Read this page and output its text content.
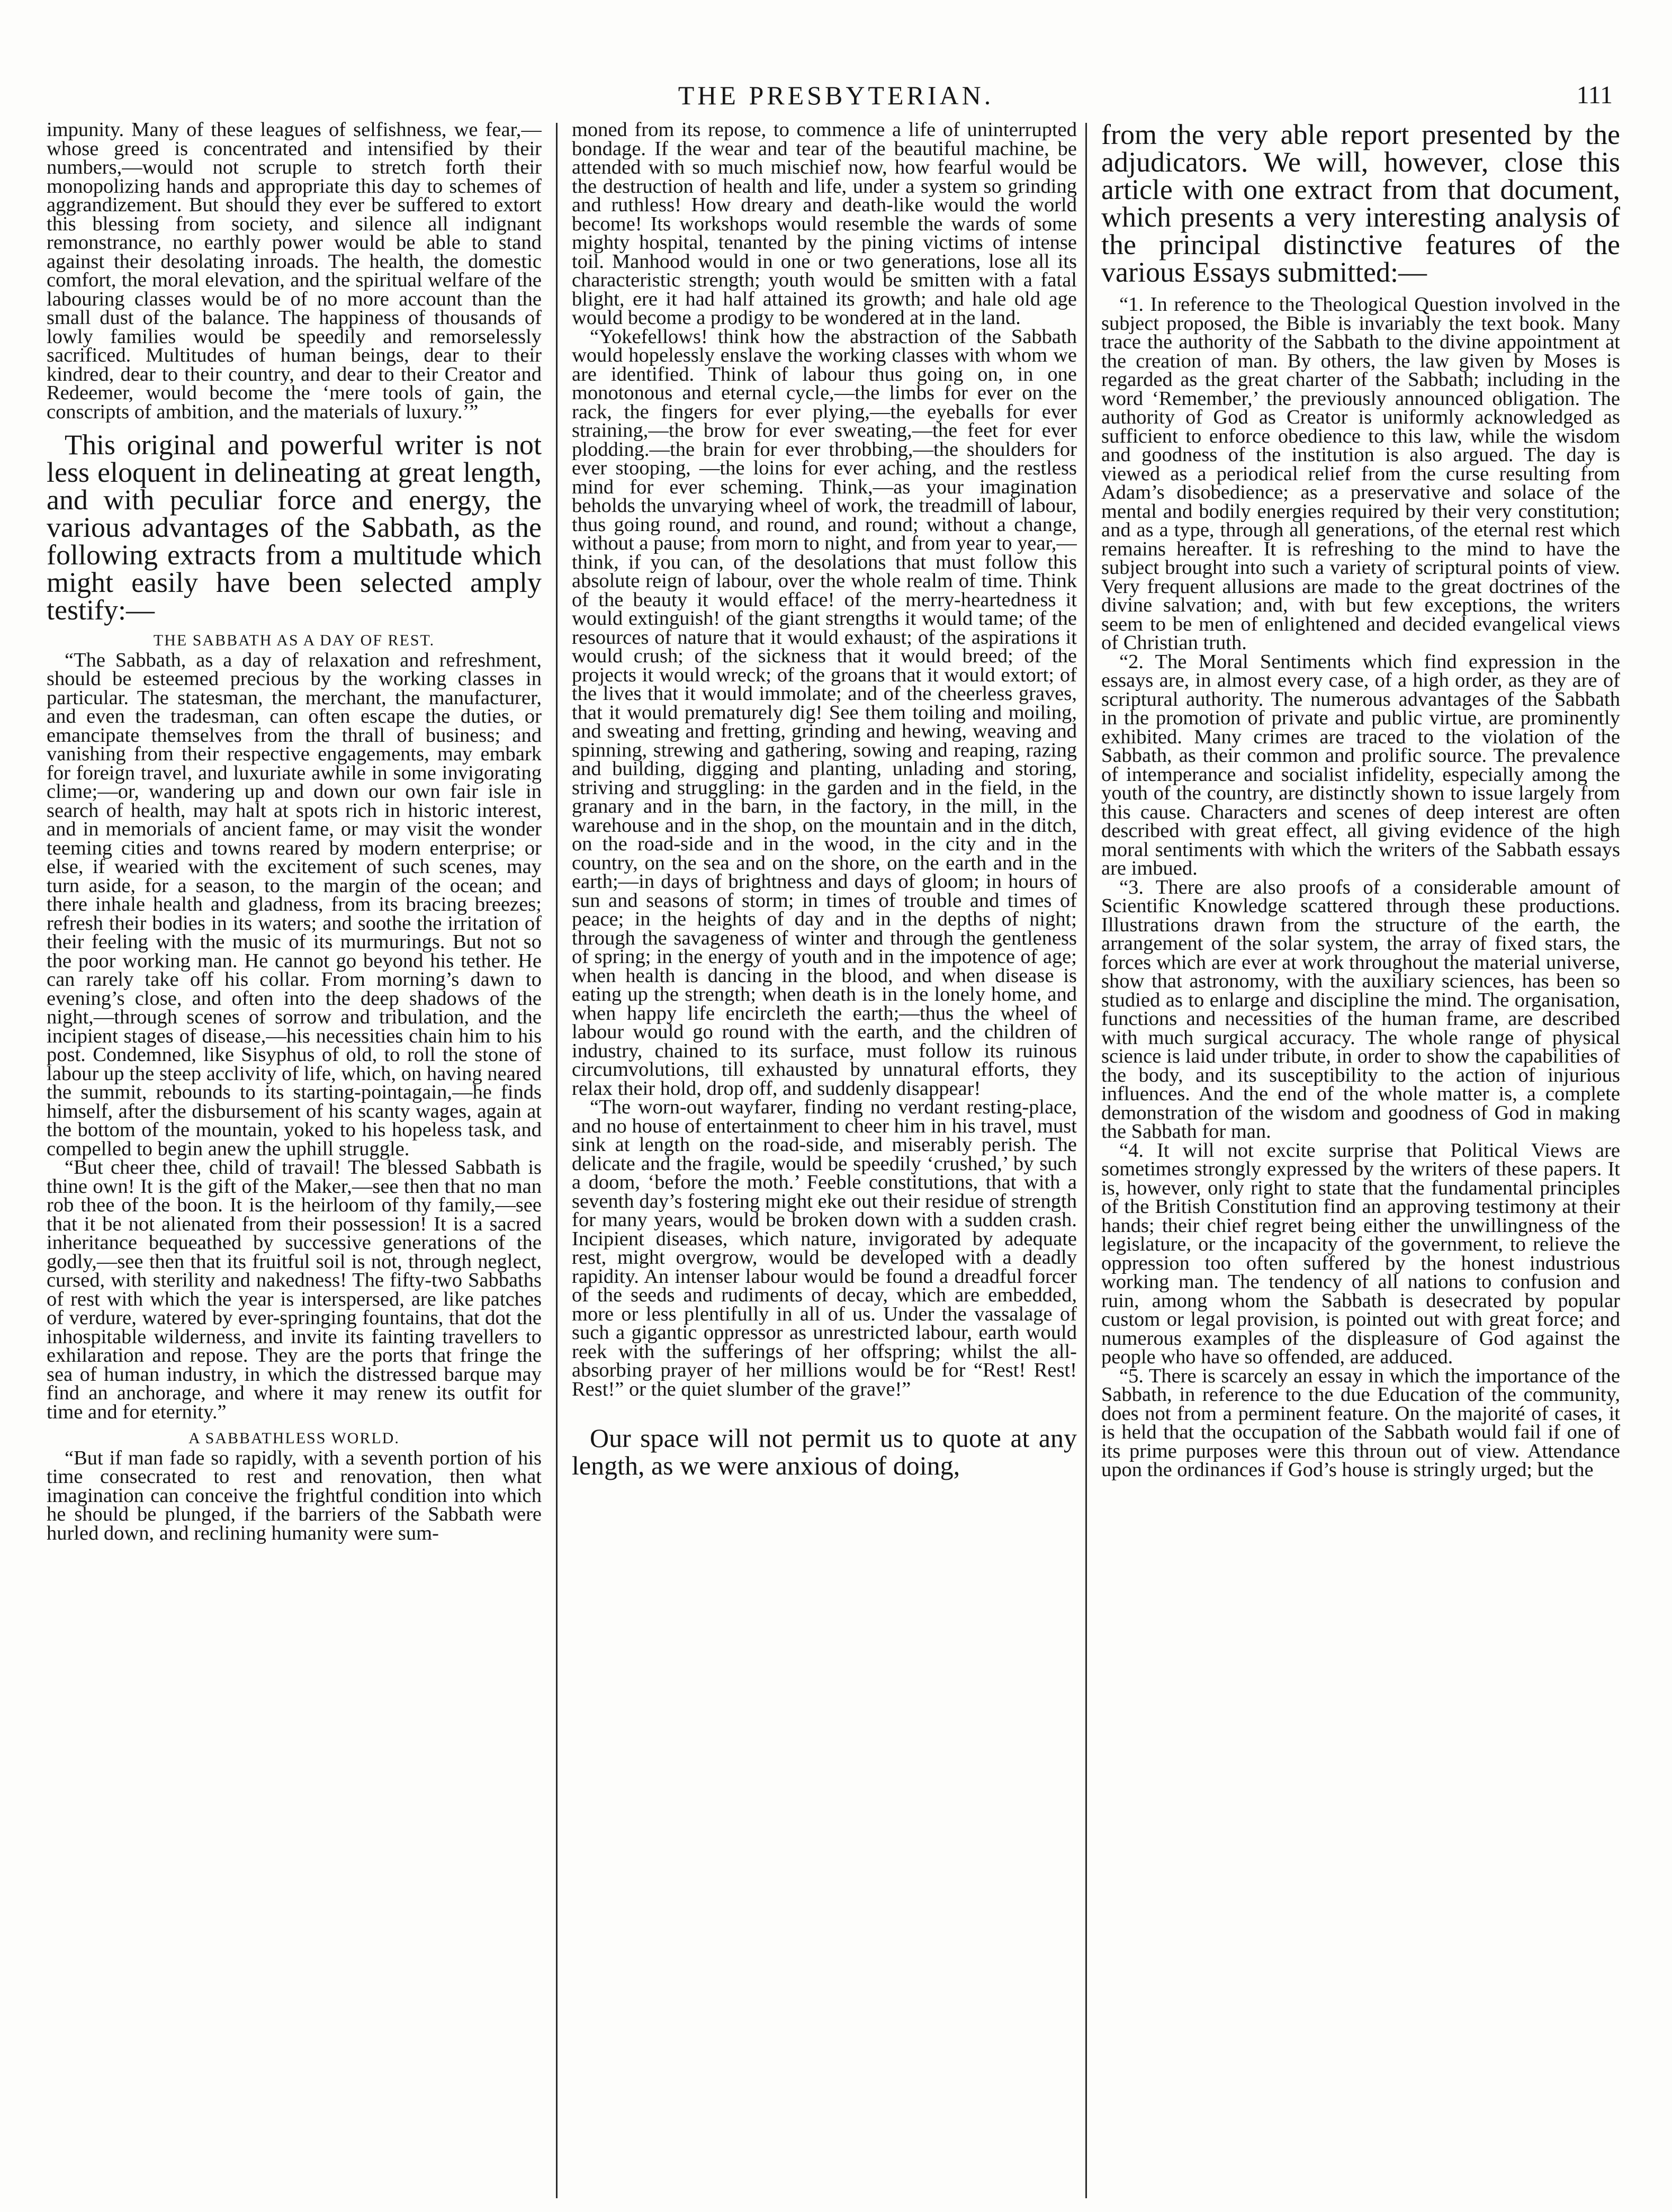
THE PRESBYTERIAN.	111

impunity. Many of these leagues of selfishness, we fear,—whose greed is concentrated and intensified by their numbers,—would not scruple to stretch forth their monopolizing hands and appropriate this day to schemes of aggrandizement. But should they ever be suffered to extort this blessing from society, and silence all indignant remonstrance, no earthly power would be able to stand against their desolating inroads. The health, the domestic comfort, the moral elevation, and the spiritual welfare of the labouring classes would be of no more account than the small dust of the balance. The happiness of thousands of lowly families would be speedily and remorselessly sacrificed. Multitudes of human beings, dear to their kindred, dear to their country, and dear to their Creator and Redeemer, would become the ‘mere tools of gain, the conscripts of ambition, and the materials of luxury.’”

This original and powerful writer is not less eloquent in delineating at great length, and with peculiar force and energy, the various advantages of the Sabbath, as the following extracts from a multitude which might easily have been selected amply testify:—

THE SABBATH AS A DAY OF REST.

“The Sabbath, as a day of relaxation and refreshment, should be esteemed precious by the working classes in particular. The statesman, the merchant, the manufacturer, and even the tradesman, can often escape the duties, or emancipate themselves from the thrall of business; and vanishing from their respective engagements, may embark for foreign travel, and luxuriate awhile in some invigorating clime;—or, wandering up and down our own fair isle in search of health, may halt at spots rich in historic interest, and in memorials of ancient fame, or may visit the wonder teeming cities and towns reared by modern enterprise; or else, if wearied with the excitement of such scenes, may turn aside, for a season, to the margin of the ocean; and there inhale health and gladness, from its bracing breezes; refresh their bodies in its waters; and soothe the irritation of their feeling with the music of its murmurings. But not so the poor working man. He cannot go beyond his tether. He can rarely take off his collar. From morning’s dawn to evening’s close, and often into the deep shadows of the night,—through scenes of sorrow and tribulation, and the incipient stages of disease,—his necessities chain him to his post. Condemned, like Sisyphus of old, to roll the stone of labour up the steep acclivity of life, which, on having neared the summit, rebounds to its starting-pointagain,—he finds himself, after the disbursement of his scanty wages, again at the bottom of the mountain, yoked to his hopeless task, and compelled to begin anew the uphill struggle.

“But cheer thee, child of travail! The blessed Sabbath is thine own! It is the gift of the Maker,—see then that no man rob thee of the boon. It is the heirloom of thy family,—see that it be not alienated from their possession! It is a sacred inheritance bequeathed by successive generations of the godly,—see then that its fruitful soil is not, through neglect, cursed, with sterility and nakedness! The fifty-two Sabbaths of rest with which the year is interspersed, are like patches of verdure, watered by ever-springing fountains, that dot the inhospitable wilderness, and invite its fainting travellers to exhilaration and repose. They are the ports that fringe the sea of human industry, in which the distressed barque may find an anchorage, and where it may renew its outfit for time and for eternity.”

A SABBATHLESS WORLD.

“But if man fade so rapidly, with a seventh portion of his time consecrated to rest and renovation, then what imagination can conceive the frightful condition into which he should be plunged, if the barriers of the Sabbath were hurled down, and reclining humanity were sum-

moned from its repose, to commence a life of uninterrupted bondage. If the wear and tear of the beautiful machine, be attended with so much mischief now, how fearful would be the destruction of health and life, under a system so grinding and ruthless! How dreary and death-like would the world become! Its workshops would resemble the wards of some mighty hospital, tenanted by the pining victims of intense toil. Manhood would in one or two generations, lose all its characteristic strength; youth would be smitten with a fatal blight, ere it had half attained its growth; and hale old age would become a prodigy to be wondered at in the land.

“Yokefellows! think how the abstraction of the Sabbath would hopelessly enslave the working classes with whom we are identified. Think of labour thus going on, in one monotonous and eternal cycle,—the limbs for ever on the rack, the fingers for ever plying,—the eyeballs for ever straining,—the brow for ever sweating,—the feet for ever plodding.—the brain for ever throbbing,—the shoulders for ever stooping, —the loins for ever aching, and the restless mind for ever scheming. Think,—as your imagination beholds the unvarying wheel of work, the treadmill of labour, thus going round, and round, and round; without a change, without a pause; from morn to night, and from year to year,—think, if you can, of the desolations that must follow this absolute reign of labour, over the whole realm of time. Think of the beauty it would efface! of the merry-heartedness it would extinguish! of the giant strengths it would tame; of the resources of nature that it would exhaust; of the aspirations it would crush; of the sickness that it would breed; of the projects it would wreck; of the groans that it would extort; of the lives that it would immolate; and of the cheerless graves, that it would prematurely dig! See them toiling and moiling, and sweating and fretting, grinding and hewing, weaving and spinning, strewing and gathering, sowing and reaping, razing and building, digging and planting, unlading and storing, striving and struggling: in the garden and in the field, in the granary and in the barn, in the factory, in the mill, in the warehouse and in the shop, on the mountain and in the ditch, on the road-side and in the wood, in the city and in the country, on the sea and on the shore, on the earth and in the earth;—in days of brightness and days of gloom; in hours of sun and seasons of storm; in times of trouble and times of peace; in the heights of day and in the depths of night; through the savageness of winter and through the gentleness of spring; in the energy of youth and in the impotence of age; when health is dancing in the blood, and when disease is eating up the strength; when death is in the lonely home, and when happy life encircleth the earth;—thus the wheel of labour would go round with the earth, and the children of industry, chained to its surface, must follow its ruinous circumvolutions, till exhausted by unnatural efforts, they relax their hold, drop off, and suddenly disappear!

“The worn-out wayfarer, finding no verdant resting-place, and no house of entertainment to cheer him in his travel, must sink at length on the road-side, and miserably perish. The delicate and the fragile, would be speedily ‘crushed,’ by such a doom, ‘before the moth.’ Feeble constitutions, that with a seventh day’s fostering might eke out their residue of strength for many years, would be broken down with a sudden crash. Incipient diseases, which nature, invigorated by adequate rest, might overgrow, would be developed with a deadly rapidity. An intenser labour would be found a dreadful forcer of the seeds and rudiments of decay, which are embedded, more or less plentifully in all of us. Under the vassalage of such a gigantic oppressor as unrestricted labour, earth would reek with the sufferings of her offspring; whilst the all-absorbing prayer of her millions would be for “Rest! Rest! Rest!” or the quiet slumber of the grave!”

Our space will not permit us to quote at any length, as we were anxious of doing,

from the very able report presented by the adjudicators. We will, however, close this article with one extract from that document, which presents a very interesting analysis of the principal distinctive features of the various Essays submitted:—

“1. In reference to the Theological Question involved in the subject proposed, the Bible is invariably the text book. Many trace the authority of the Sabbath to the divine appointment at the creation of man. By others, the law given by Moses is regarded as the great charter of the Sabbath; including in the word ‘Remember,’ the previously announced obligation. The authority of God as Creator is uniformly acknowledged as sufficient to enforce obedience to this law, while the wisdom and goodness of the institution is also argued. The day is viewed as a periodical relief from the curse resulting from Adam’s disobedience; as a preservative and solace of the mental and bodily energies required by their very constitution; and as a type, through all generations, of the eternal rest which remains hereafter. It is refreshing to the mind to have the subject brought into such a variety of scriptural points of view. Very frequent allusions are made to the great doctrines of the divine salvation; and, with but few exceptions, the writers seem to be men of enlightened and decided evangelical views of Christian truth.

“2. The Moral Sentiments which find expression in the essays are, in almost every case, of a high order, as they are of scriptural authority. The numerous advantages of the Sabbath in the promotion of private and public virtue, are prominently exhibited. Many crimes are traced to the violation of the Sabbath, as their common and prolific source. The prevalence of intemperance and socialist infidelity, especially among the youth of the country, are distinctly shown to issue largely from this cause. Characters and scenes of deep interest are often described with great effect, all giving evidence of the high moral sentiments with which the writers of the Sabbath essays are imbued.

“3. There are also proofs of a considerable amount of Scientific Knowledge scattered through these productions. Illustrations drawn from the structure of the earth, the arrangement of the solar system, the array of fixed stars, the forces which are ever at work throughout the material universe, show that astronomy, with the auxiliary sciences, has been so studied as to enlarge and discipline the mind. The organisation, functions and necessities of the human frame, are described with much surgical accuracy. The whole range of physical science is laid under tribute, in order to show the capabilities of the body, and its susceptibility to the action of injurious influences. And the end of the whole matter is, a complete demonstration of the wisdom and goodness of God in making the Sabbath for man.

“4. It will not excite surprise that Political Views are sometimes strongly expressed by the writers of these papers. It is, however, only right to state that the fundamental principles of the British Constitution find an approving testimony at their hands; their chief regret being either the unwillingness of the legislature, or the incapacity of the government, to relieve the oppression too often suffered by the honest industrious working man. The tendency of all nations to confusion and ruin, among whom the Sabbath is desecrated by popular custom or legal provision, is pointed out with great force; and numerous examples of the displeasure of God against the people who have so offended, are adduced.

“5. There is scarcely an essay in which the importance of the Sabbath, in reference to the due Education of the community, does not from a perminent feature. On the majorité of cases, it is held that the occupation of the Sabbath would fail if one of its prime purposes were this throun out of view. Attendance upon the ordinances if God’s house is stringly urged; but the
